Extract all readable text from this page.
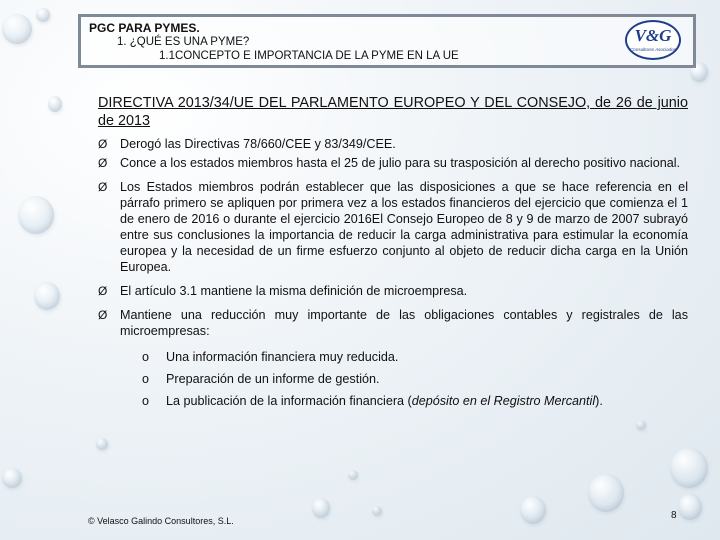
PGC PARA PYMES.
1. ¿QUÉ ES UNA PYME?
1.1CONCEPTO E IMPORTANCIA DE LA PYME EN LA UE
V&G
Consultores Asociados
DIRECTIVA 2013/34/UE DEL PARLAMENTO EUROPEO Y DEL CONSEJO, de 26 de junio de 2013
Ø Derogó las Directivas 78/660/CEE y 83/349/CEE.
Ø Conce a los estados miembros hasta el 25 de julio para su trasposición al derecho positivo nacional.
Ø Los Estados miembros podrán establecer que las disposiciones a que se hace referencia en el párrafo primero se apliquen por primera vez a los estados financieros del ejercicio que comienza el 1 de enero de 2016 o durante el ejercicio 2016El Consejo Europeo de 8 y 9 de marzo de 2007 subrayó entre sus conclusiones la importancia de reducir la carga administrativa para estimular la economía europea y la necesidad de un firme esfuerzo conjunto al objeto de reducir dicha carga en la Unión Europea.
Ø El artículo 3.1 mantiene la misma definición de microempresa.
Ø Mantiene una reducción muy importante de las obligaciones contables y registrales de las microempresas:
o Una información financiera muy reducida.
o Preparación de un informe de gestión.
o La publicación de la información financiera (depósito en el Registro Mercantil).
© Velasco Galindo Consultores, S.L.	8
